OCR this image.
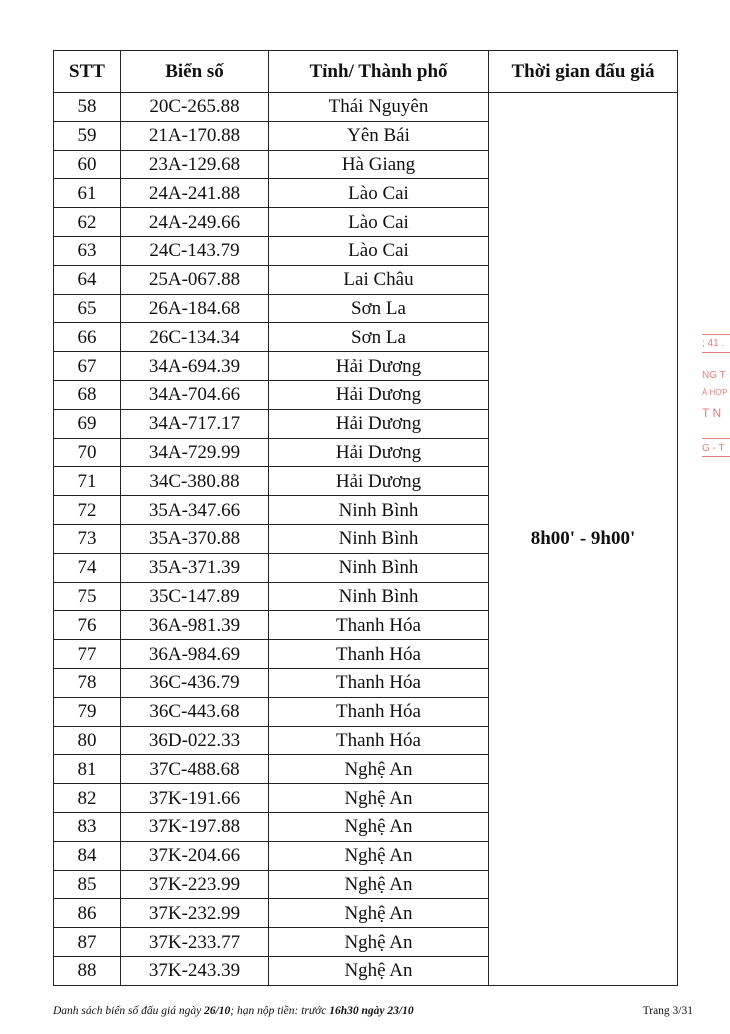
STT	Biển số	Tỉnh/ Thành phố	Thời gian đấu giá
58	20C-265.88	Thái Nguyên	8h00' - 9h00'
59	21A-170.88	Yên Bái	
60	23A-129.68	Hà Giang	
61	24A-241.88	Lào Cai	
62	24A-249.66	Lào Cai	
63	24C-143.79	Lào Cai	
64	25A-067.88	Lai Châu	
65	26A-184.68	Sơn La	
66	26C-134.34	Sơn La	
67	34A-694.39	Hải Dương	
68	34A-704.66	Hải Dương	
69	34A-717.17	Hải Dương	
70	34A-729.99	Hải Dương	
71	34C-380.88	Hải Dương	
72	35A-347.66	Ninh Bình	
73	35A-370.88	Ninh Bình	
74	35A-371.39	Ninh Bình	
75	35C-147.89	Ninh Bình	
76	36A-981.39	Thanh Hóa	
77	36A-984.69	Thanh Hóa	
78	36C-436.79	Thanh Hóa	
79	36C-443.68	Thanh Hóa	
80	36D-022.33	Thanh Hóa	
81	37C-488.68	Nghệ An	
82	37K-191.66	Nghệ An	
83	37K-197.88	Nghệ An	
84	37K-204.66	Nghệ An	
85	37K-223.99	Nghệ An	
86	37K-232.99	Nghệ An	
87	37K-233.77	Nghệ An	
88	37K-243.39	Nghệ An	
Danh sách biển số đấu giá ngày 26/10; hạn nộp tiền: trước 16h30 ngày 23/10	Trang 3/31
; 41 .
NG T
À HỢP
T N
G - T
